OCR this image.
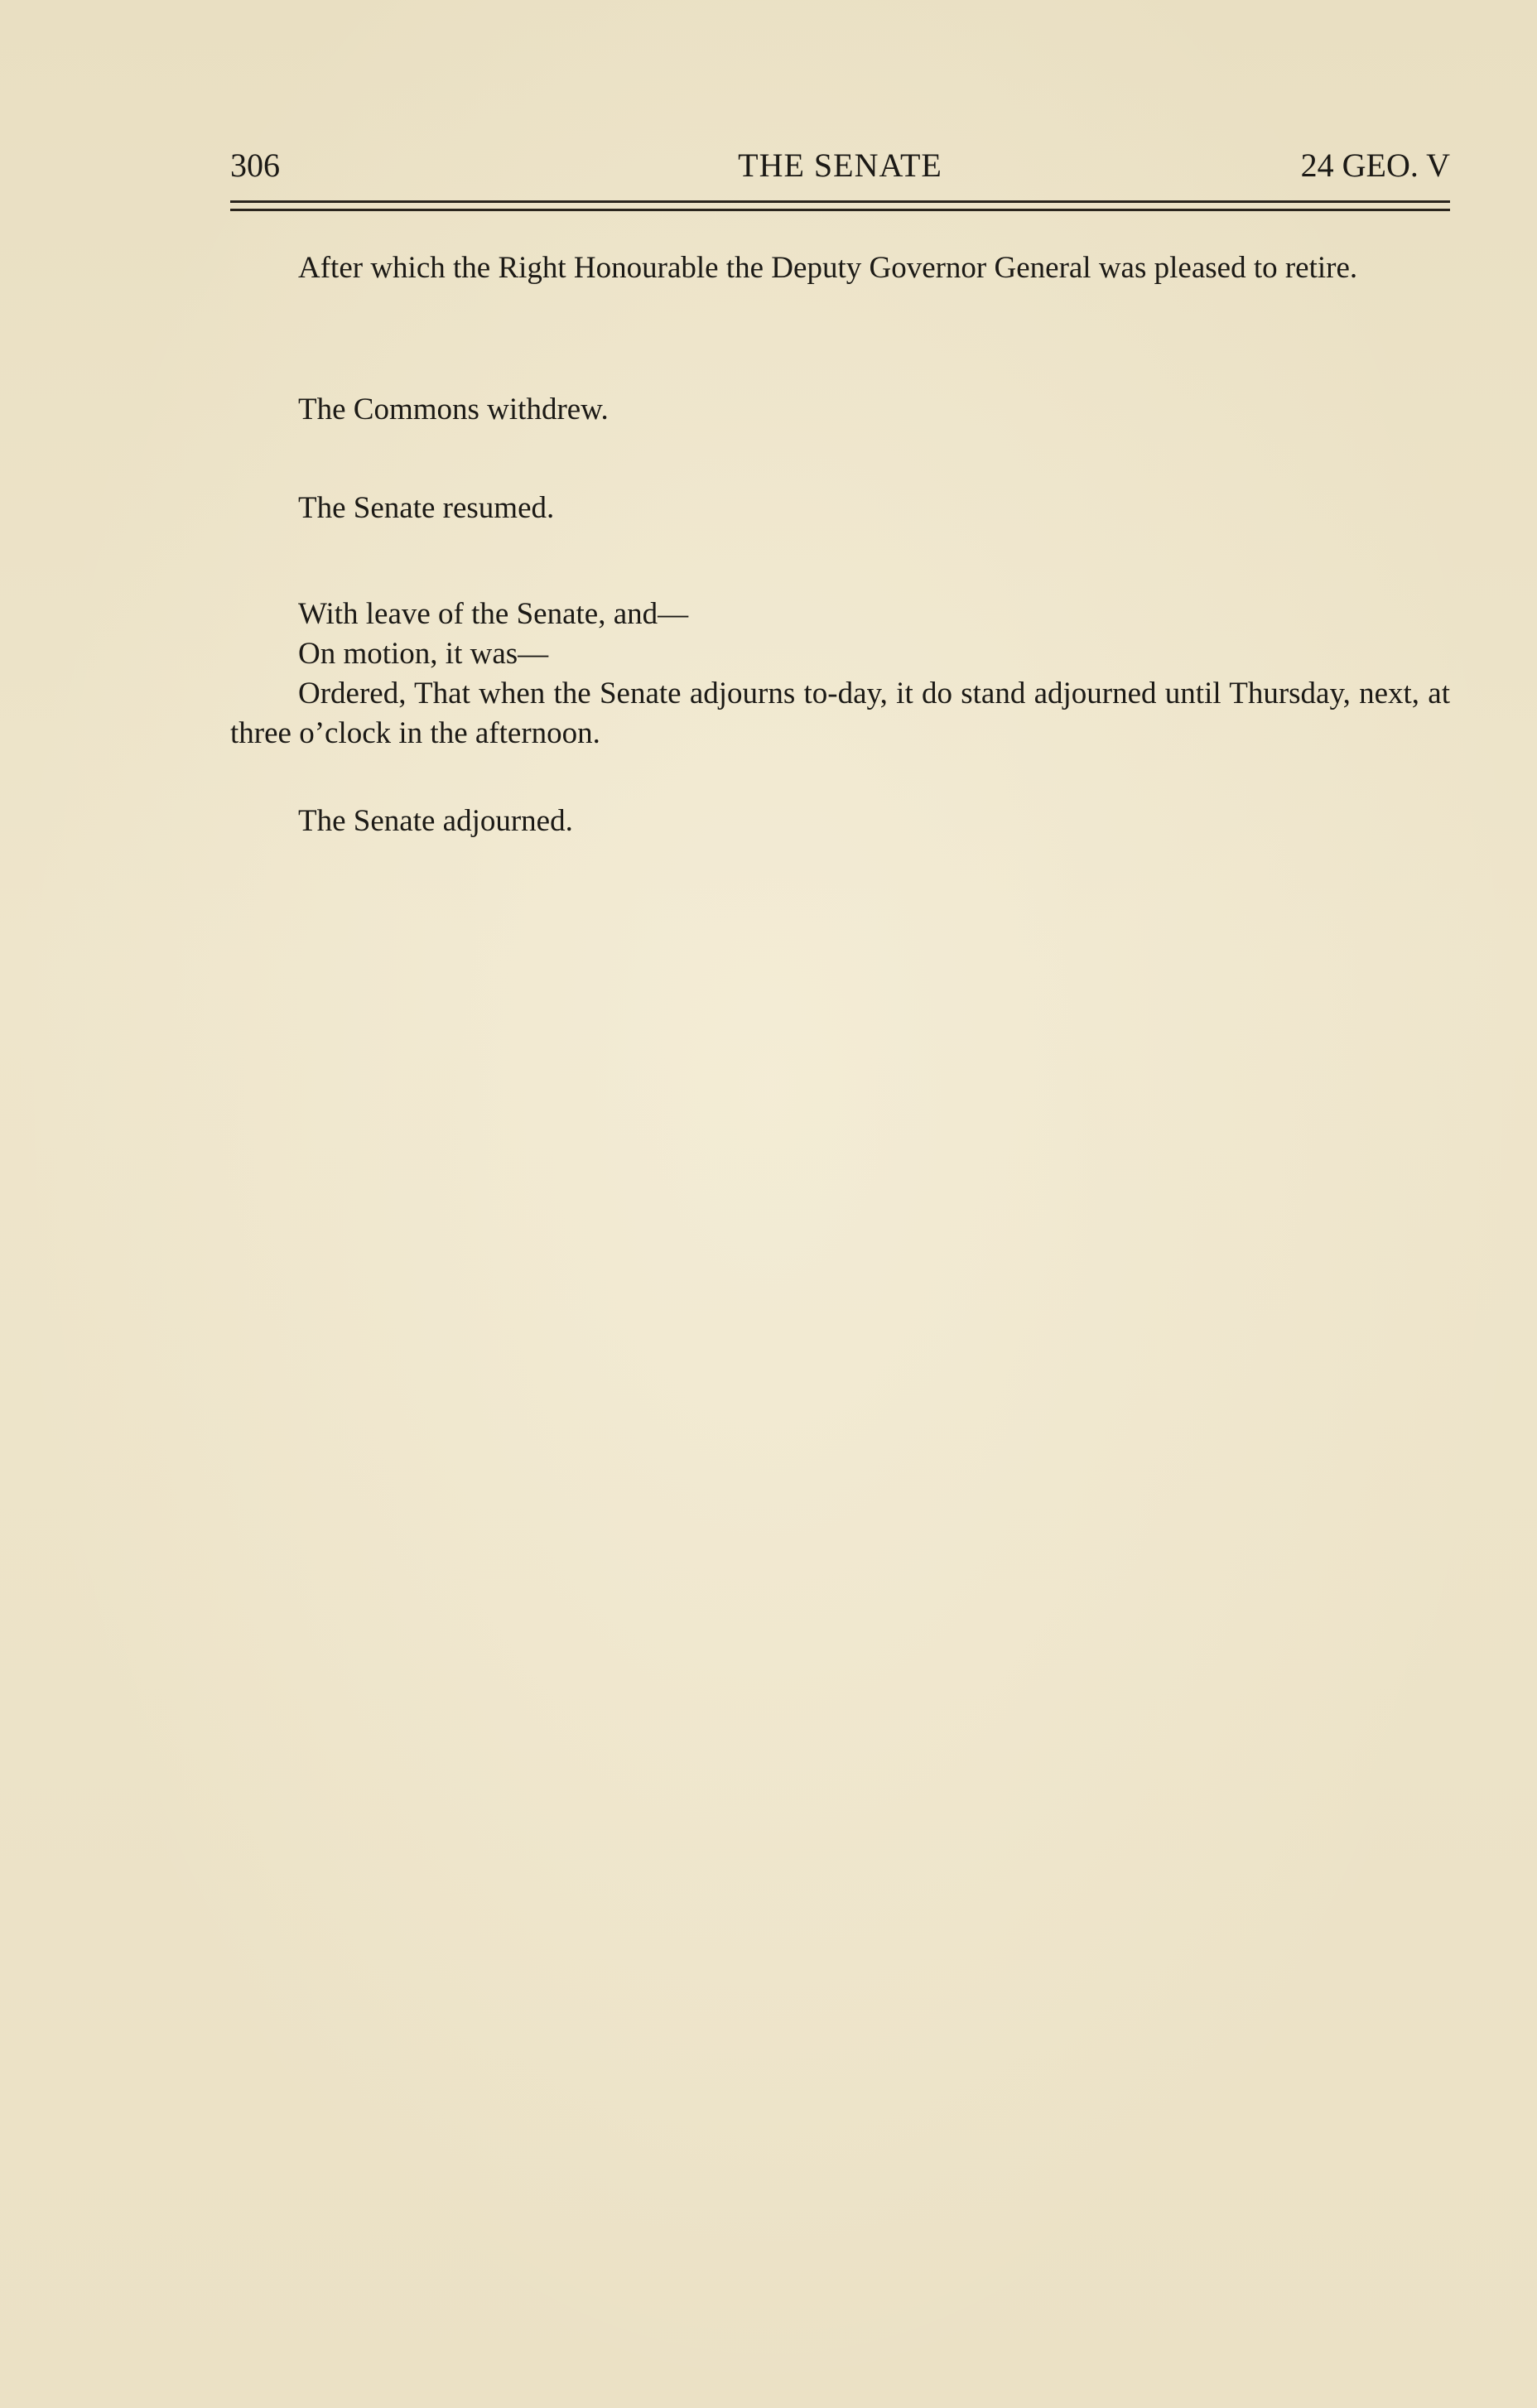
306	THE SENATE	24 GEO. V

After which the Right Honourable the Deputy Governor General was pleased to retire.

The Commons withdrew.

The Senate resumed.

With leave of the Senate, and—

On motion, it was—

Ordered, That when the Senate adjourns to-day, it do stand adjourned until Thursday, next, at three o’clock in the afternoon.

The Senate adjourned.
